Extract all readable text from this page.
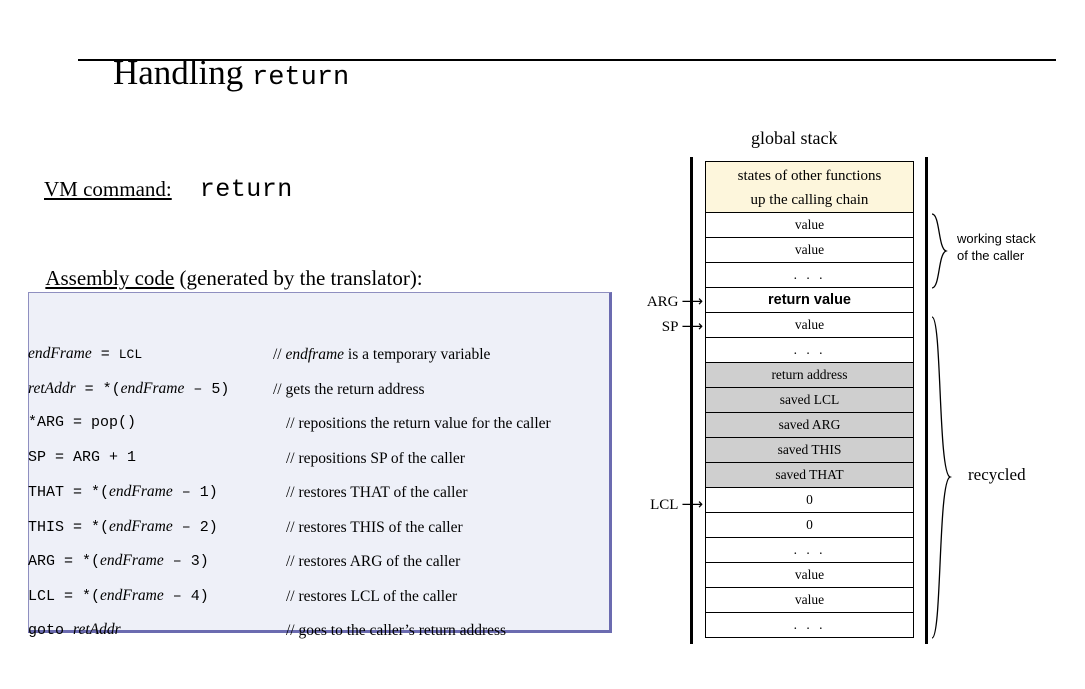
Handling return

VM command: return

Assembly code (generated by the translator):

endFrame = LCL	// endframe is a temporary variable
retAddr = *(endFrame – 5)	// gets the return address
*ARG = pop()	// repositions the return value for the caller
SP = ARG + 1	// repositions SP of the caller
THAT = *(endFrame – 1)	// restores THAT of the caller
THIS = *(endFrame – 2)	// restores THIS of the caller
ARG = *(endFrame – 3)	// restores ARG of the caller
LCL = *(endFrame – 4)	// restores LCL of the caller
goto retAddr	// goes to the caller’s return address
global stack
states of other functions
up the calling chain
value
value
. . .
return value
value
. . .
return address
saved LCL
saved ARG
saved THIS
saved THAT
0
0
. . .
value
value
. . .
ARG ⟶
SP ⟶
LCL ⟶
working stack
of the caller
recycled
